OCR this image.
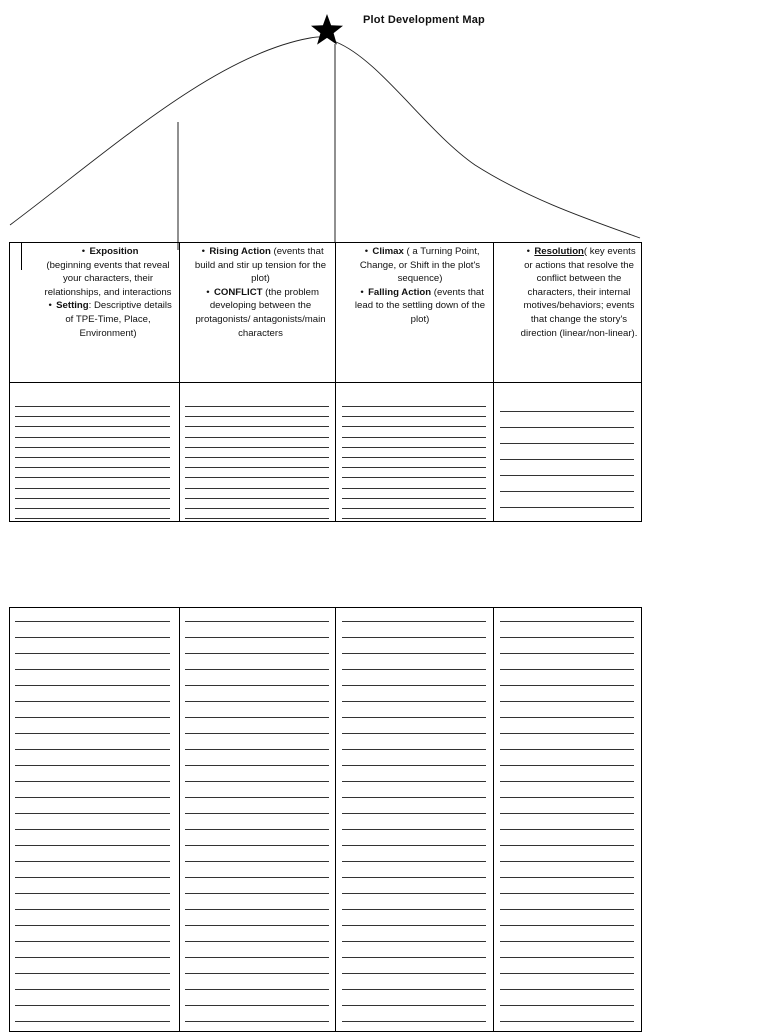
Plot Development Map
• Exposition
(beginning events that reveal your characters, their relationships, and interactions
• Setting: Descriptive details of TPE-Time, Place, Environment)
• Rising Action (events that build and stir up tension for the plot)
• CONFLICT (the problem developing between the protagonists/ antagonists/main characters
• Climax ( a Turning Point, Change, or Shift in the plot's sequence)
• Falling Action (events that lead to the settling down of the plot)
• Resolution( key events or actions that resolve the conflict between the characters, their internal motives/behaviors; events that change the story's direction (linear/non-linear).
